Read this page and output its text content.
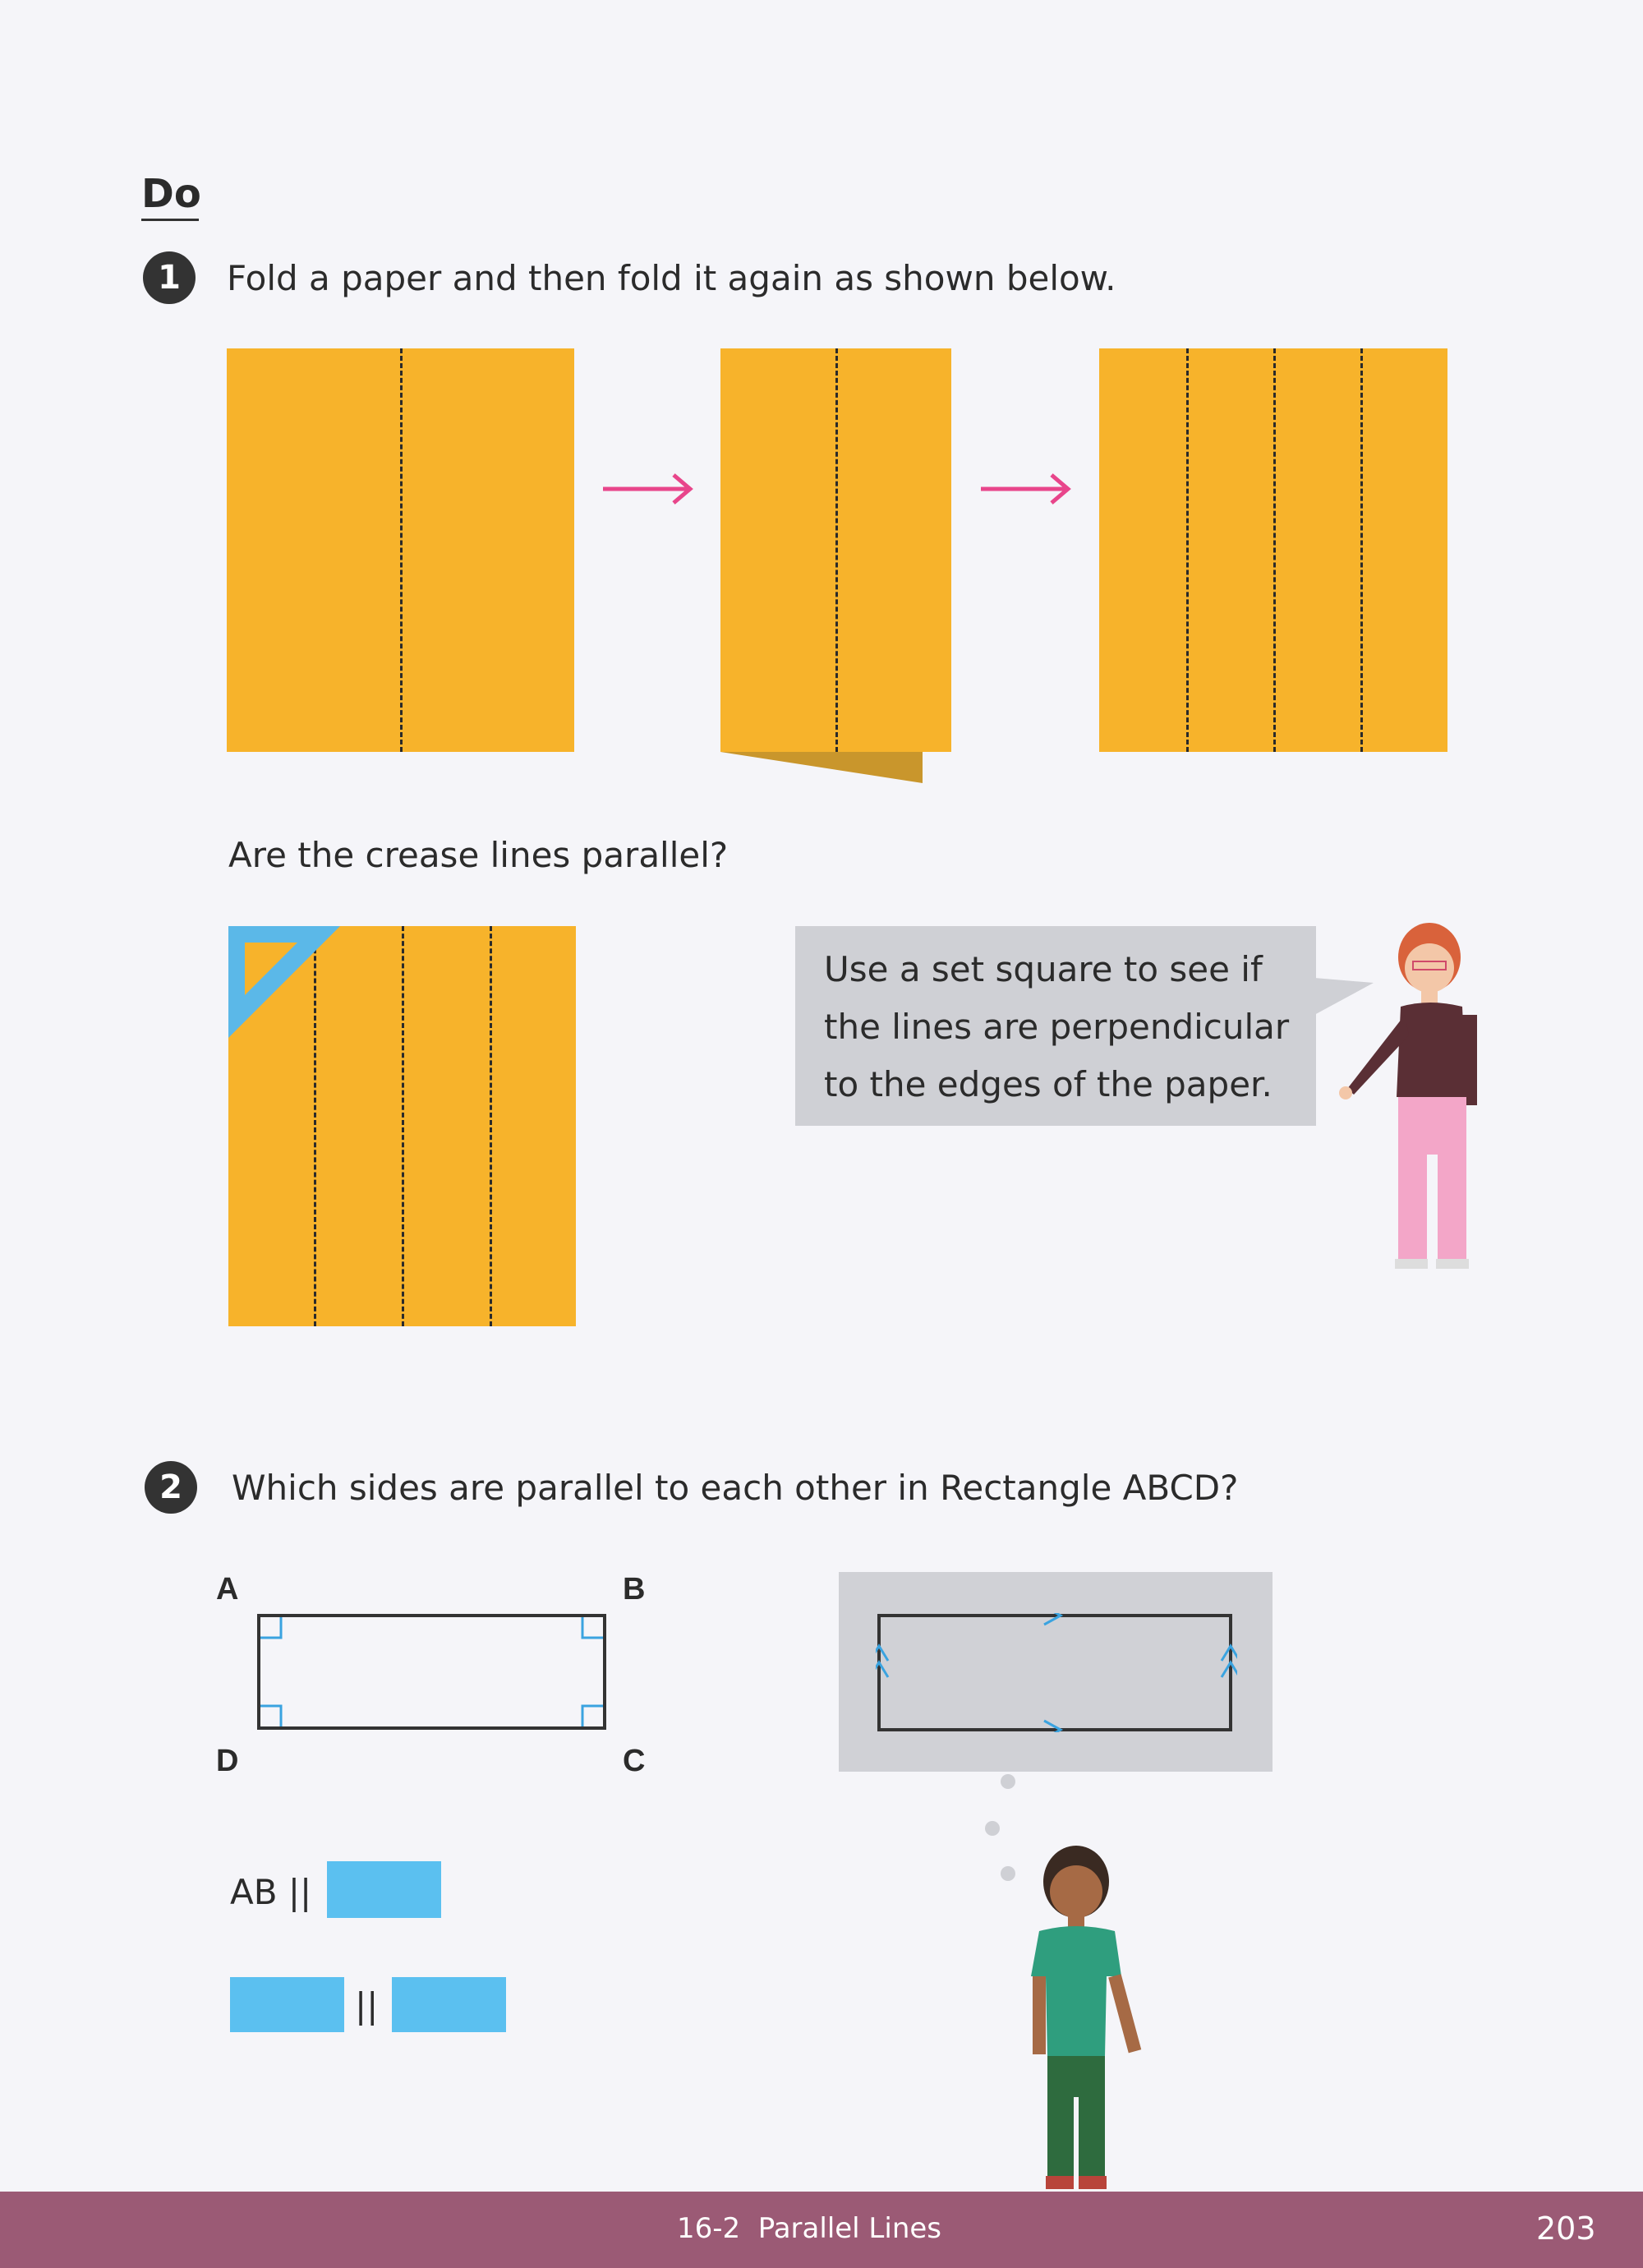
Do
1	Fold a paper and then fold it again as shown below.
Are the crease lines parallel?
Use a set square to see if
the lines are perpendicular
to the edges of the paper.
2	Which sides are parallel to each other in Rectangle ABCD?
A	B
D	C
AB ||
||
16-2  Parallel Lines	203
